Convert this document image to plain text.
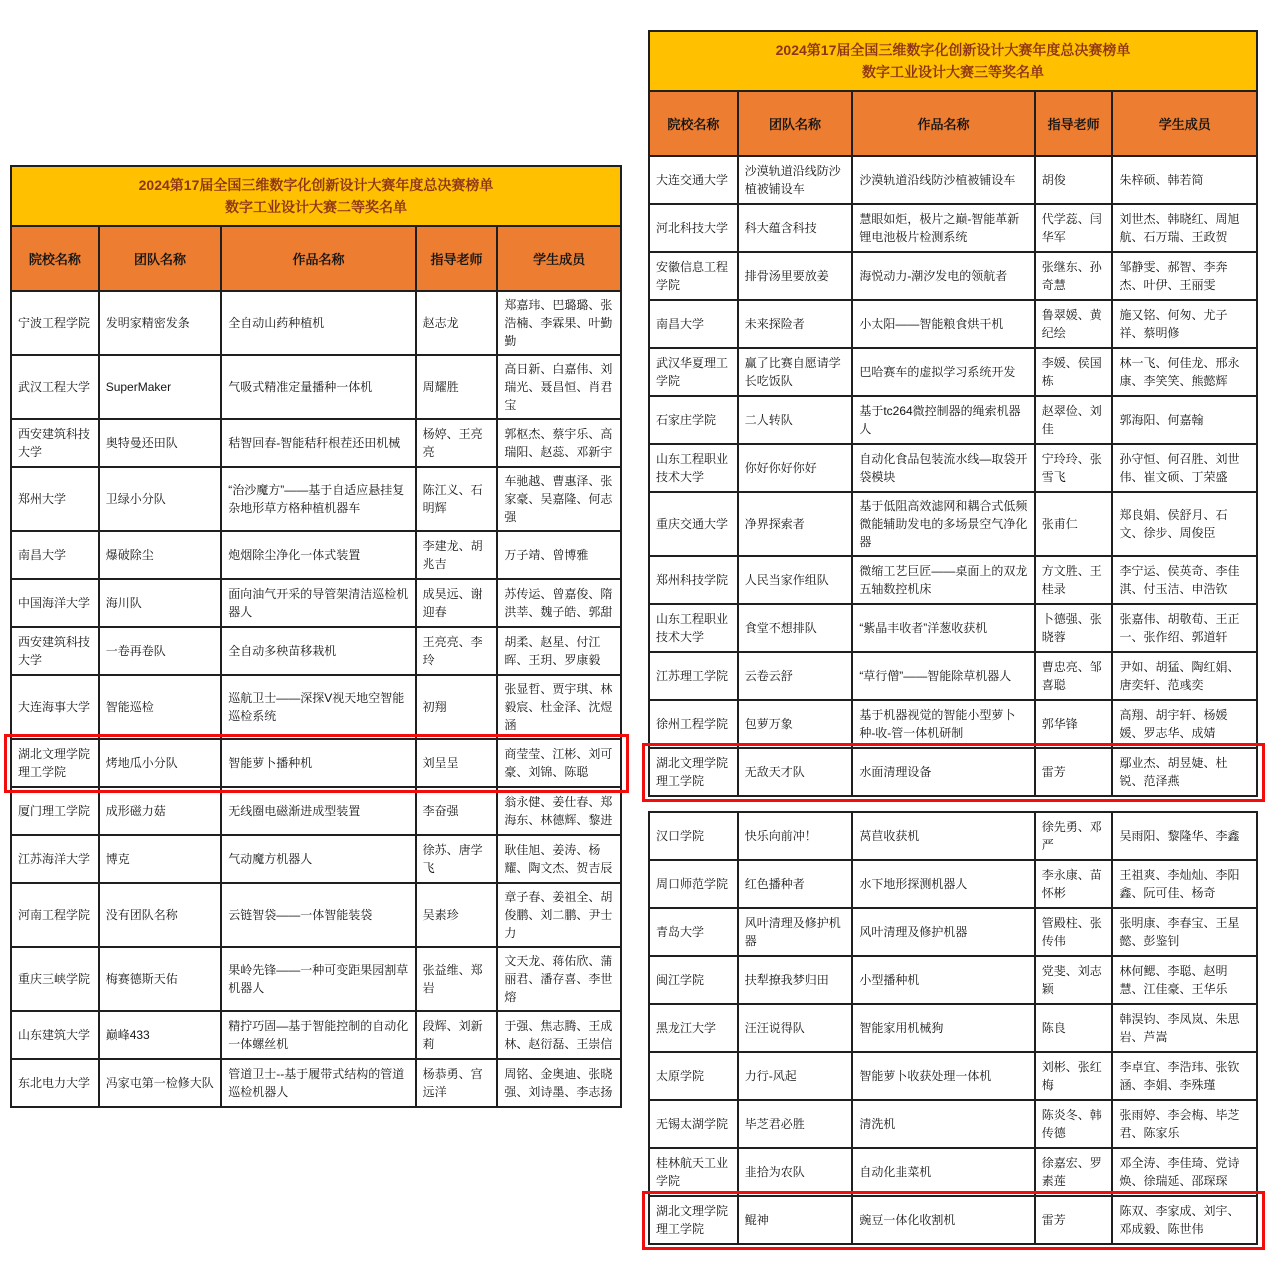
2024第17届全国三维数字化创新设计大赛年度总决赛榜单
数字工业设计大赛二等奖名单
院校名称	团队名称	作品名称	指导老师	学生成员
宁波工程学院	发明家精密发条	全自动山药种植机	赵志龙	郑嘉玮、巴璐璐、张浩楠、李霖果、叶勤勤
武汉工程大学	SuperMaker	气吸式精准定量播种一体机	周耀胜	高日新、白嘉伟、刘瑞光、聂昌恒、肖君宝
西安建筑科技大学	奥特曼还田队	秸智回春-智能秸秆根茬还田机械	杨婷、王亮亮	郭枢杰、蔡宇乐、高瑞阳、赵蕊、邓新宇
郑州大学	卫绿小分队	“治沙魔方”——基于自适应悬挂复杂地形草方格种植机器车	陈江义、石明辉	车驰越、曹惠泽、张家豪、吴嘉隆、何志强
南昌大学	爆破除尘	炮烟除尘净化一体式装置	李建龙、胡兆吉	万子靖、曾博雅
中国海洋大学	海川队	面向油气开采的导管架清洁巡检机器人	成昊远、谢迎春	苏传运、曾嘉俊、隋洪莘、魏子皓、郭甜
西安建筑科技大学	一卷再卷队	全自动多秧苗移栽机	王亮亮、李玲	胡柔、赵星、付江晖、王玥、罗康毅
大连海事大学	智能巡检	巡航卫士——深探V视天地空智能巡检系统	初翔	张显哲、贾宇琪、林毅宸、杜金泽、沈煜涵
湖北文理学院理工学院	烤地瓜小分队	智能萝卜播种机	刘呈呈	商莹莹、江彬、刘可豪、刘锦、陈聪
厦门理工学院	成形磁力菇	无线圈电磁渐进成型装置	李奋强	翁永健、姜仕春、郑海东、林德辉、黎进
江苏海洋大学	博克	气动魔方机器人	徐苏、唐学飞	耿佳旭、姜涛、杨耀、陶文杰、贺吉辰
河南工程学院	没有团队名称	云链智袋——一体智能装袋	吴素珍	章子春、姜祖全、胡俊鹏、刘二鹏、尹士力
重庆三峡学院	梅赛德斯天佑	果岭先锋——一种可变距果园割草机器人	张益维、郑岩	文天龙、蒋佑欣、蒲丽君、潘存喜、李世熔
山东建筑大学	巅峰433	精拧巧固—基于智能控制的自动化一体螺丝机	段辉、刘新莉	于强、焦志腾、王成林、赵衍磊、王崇信
东北电力大学	冯家屯第一检修大队	管道卫士--基于履带式结构的管道巡检机器人	杨恭勇、宫远洋	周铭、金奥迪、张晓强、刘诗墨、李志扬
2024第17届全国三维数字化创新设计大赛年度总决赛榜单
数字工业设计大赛三等奖名单
院校名称	团队名称	作品名称	指导老师	学生成员
大连交通大学	沙漠轨道沿线防沙植被铺设车	沙漠轨道沿线防沙植被铺设车	胡俊	朱梓硕、韩若简
河北科技大学	科大蕴含科技	慧眼如炬，极片之巅-智能革新锂电池极片检测系统	代学蕊、闫华军	刘世杰、韩晓红、周旭航、石万瑞、王政贺
安徽信息工程学院	排骨汤里要放姜	海悦动力-潮汐发电的领航者	张继东、孙奇慧	邹静雯、郝智、李奔杰、叶伊、王丽雯
南昌大学	未来探险者	小太阳——智能粮食烘干机	鲁翠媛、黄纪绘	施又铭、何匆、尤子祥、蔡明修
武汉华夏理工学院	赢了比赛自愿请学长吃饭队	巴哈赛车的虚拟学习系统开发	李媛、侯国栋	林一飞、何佳龙、邢永康、李笑笑、熊懿辉
石家庄学院	二人转队	基于tc264微控制器的绳索机器人	赵翠俭、刘佳	郭海阳、何嘉翰
山东工程职业技术大学	你好你好你好	自动化食品包装流水线—取袋开袋模块	宁玲玲、张雪飞	孙守恒、何召胜、刘世伟、崔文硕、丁荣盛
重庆交通大学	净界探索者	基于低阻高效滤网和耦合式低频微能辅助发电的多场景空气净化器	张甫仁	郑良娟、侯舒月、石文、徐步、周俊臣
郑州科技学院	人民当家作组队	微缩工艺巨匠——桌面上的双龙五轴数控机床	方文胜、王桂录	李宁运、侯英奇、李佳淇、付玉洁、申浩钦
山东工程职业技术大学	食堂不想排队	“紫晶丰收者”洋葱收获机	卜德强、张晓蓉	张嘉伟、胡敬荀、王正一、张作绍、郭道轩
江苏理工学院	云卷云舒	“草行僧”——智能除草机器人	曹忠亮、邹喜聪	尹如、胡猛、陶红娟、唐奕轩、范彧奕
徐州工程学院	包萝万象	基于机器视觉的智能小型萝卜种-收-管一体机研制	郭华锋	高翔、胡宇轩、杨媛媛、罗志华、成婧
湖北文理学院理工学院	无敌天才队	水面清理设备	雷芳	鄢业杰、胡昱婕、杜锐、范泽燕
汉口学院	快乐向前冲！	莴苣收获机	徐先勇、邓严	吴雨阳、黎隆华、李鑫
周口师范学院	红色播种者	水下地形探测机器人	李永康、苗怀彬	王祖爽、李灿灿、李阳鑫、阮可佳、杨奇
青岛大学	风叶清理及修护机器	风叶清理及修护机器	管殿柱、张传伟	张明康、李春宝、王星懿、彭鉴钊
闽江学院	扶犁撩我梦归田	小型播种机	党斐、刘志颖	林何鳃、李聪、赵明慧、江佳豪、王华乐
黑龙江大学	汪汪说得队	智能家用机械狗	陈良	韩淏钧、李凤岚、朱思岩、芦嵩
太原学院	力行-风起	智能萝卜收获处理一体机	刘彬、张红梅	李卓宜、李浩玮、张钦涵、李娟、李殊瑾
无锡太湖学院	毕芝君必胜	清洗机	陈炎冬、韩传德	张雨婷、李会梅、毕芝君、陈家乐
桂林航天工业学院	韭拾为农队	自动化韭菜机	徐嘉宏、罗素莲	邓全涛、李佳琦、党诗焕、徐瑞延、邵琛琛
湖北文理学院理工学院	鲲神	豌豆一体化收割机	雷芳	陈双、李家成、刘宇、邓成毅、陈世伟
